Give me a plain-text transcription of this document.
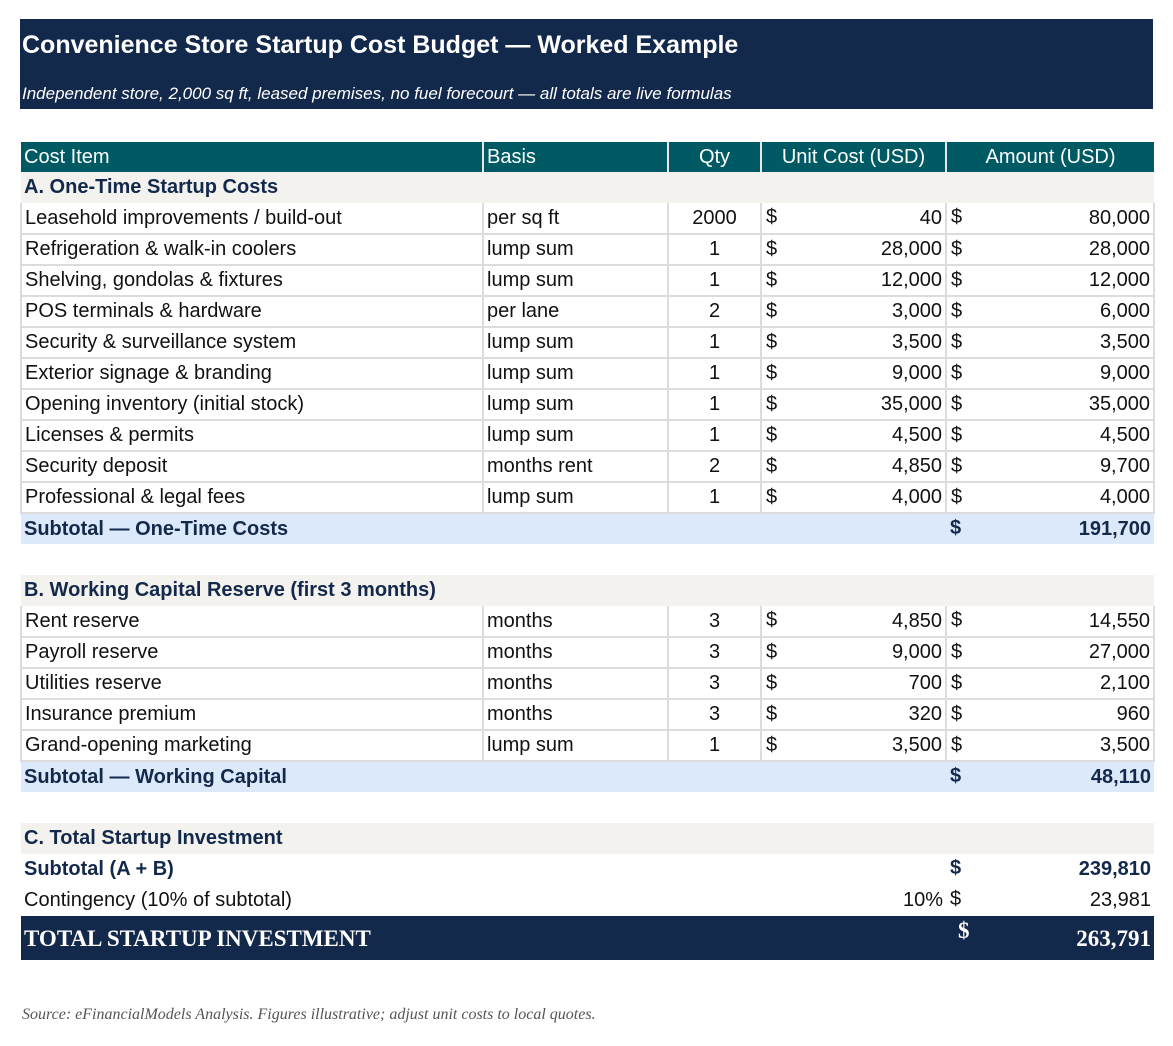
Convenience Store Startup Cost Budget — Worked Example
Independent store, 2,000 sq ft, leased premises, no fuel forecourt — all totals are live formulas
Cost Item	Basis	Qty	Unit Cost (USD)	Amount (USD)
A. One-Time Startup Costs				
Leasehold improvements / build-out	per sq ft	2000	$ 40	$ 80,000

Refrigeration & walk-in coolers	lump sum	1	$ 28,000	$ 28,000

Shelving, gondolas & fixtures	lump sum	1	$ 12,000	$ 12,000

POS terminals & hardware	per lane	2	$ 3,000	$ 6,000

Security & surveillance system	lump sum	1	$ 3,500	$ 3,500

Exterior signage & branding	lump sum	1	$ 9,000	$ 9,000

Opening inventory (initial stock)	lump sum	1	$ 35,000	$ 35,000

Licenses & permits	lump sum	1	$ 4,500	$ 4,500

Security deposit	months rent	2	$ 4,850	$ 9,700

Professional & legal fees	lump sum	1	$ 4,000	$ 4,000

Subtotal — One-Time Costs				$ 191,700

B. Working Capital Reserve (first 3 months)				
Rent reserve	months	3	$ 4,850	$ 14,550

Payroll reserve	months	3	$ 9,000	$ 27,000

Utilities reserve	months	3	$ 700	$ 2,100

Insurance premium	months	3	$ 320	$ 960

Grand-opening marketing	lump sum	1	$ 3,500	$ 3,500

Subtotal — Working Capital				$ 48,110

C. Total Startup Investment				
Subtotal (A + B)				$ 239,810

Contingency (10% of subtotal)			10%	$ 23,981

TOTAL STARTUP INVESTMENT				$ 263,791
Source: eFinancialModels Analysis. Figures illustrative; adjust unit costs to local quotes.
